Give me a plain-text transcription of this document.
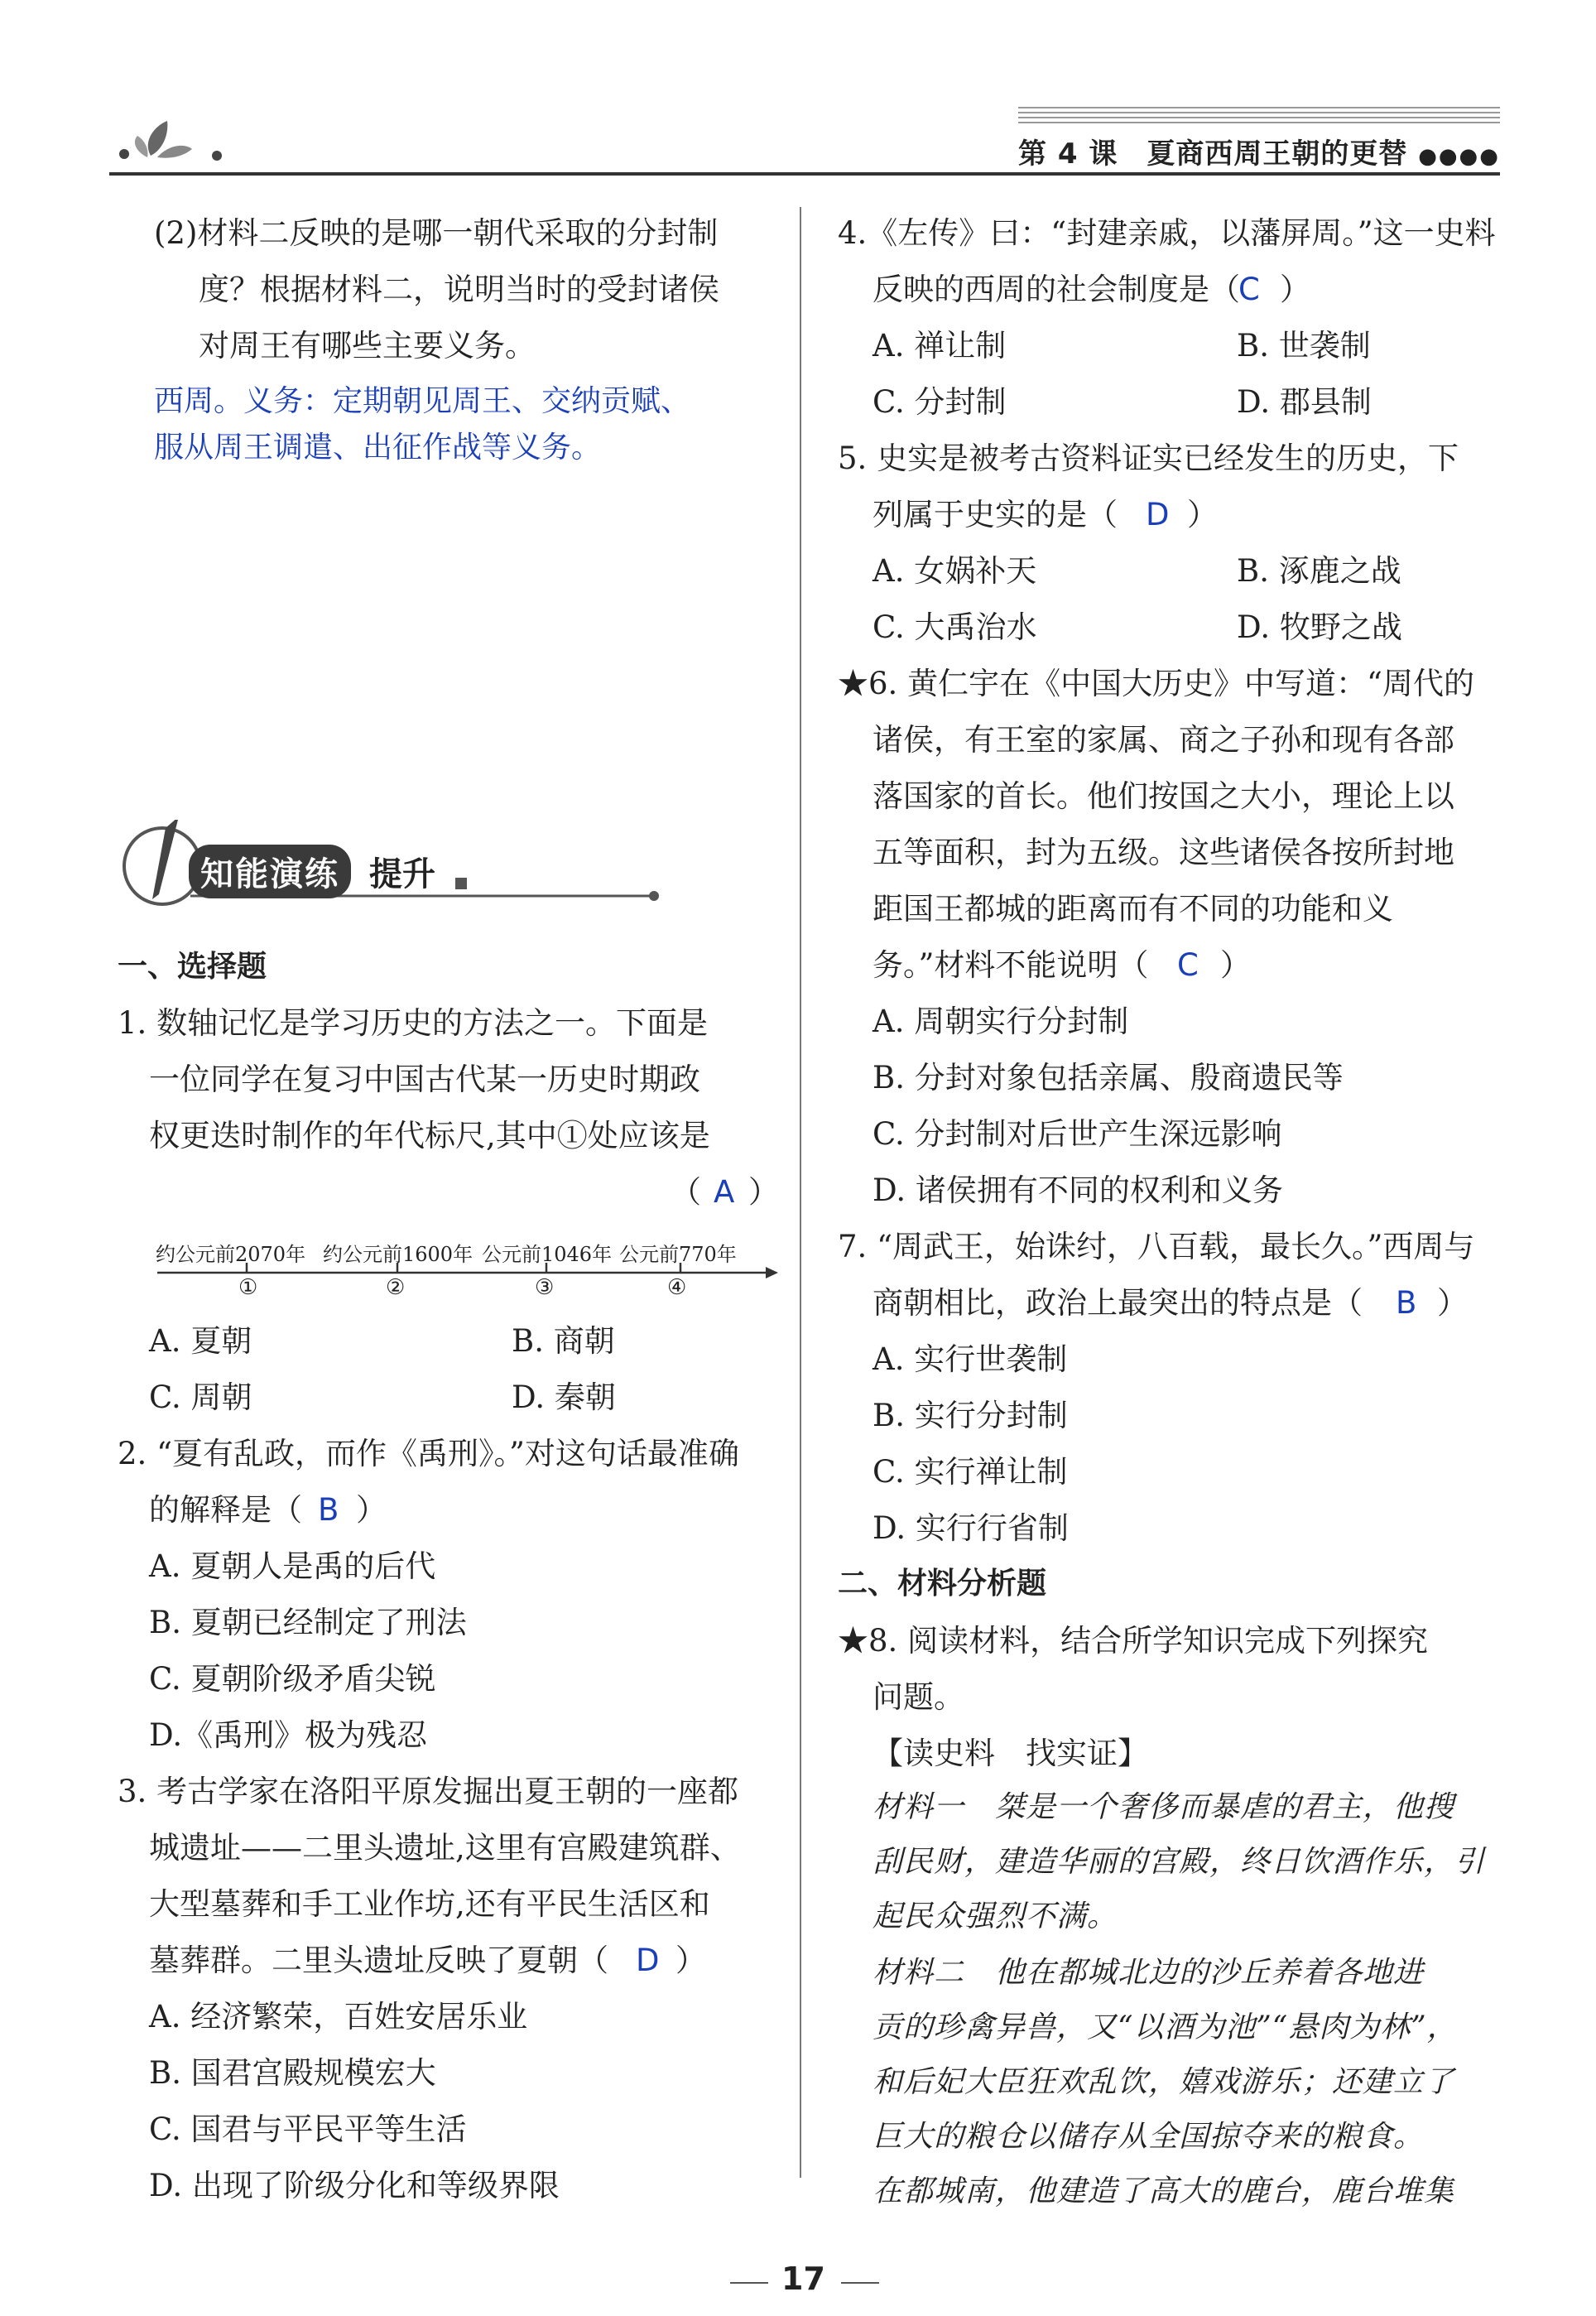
第 4 课　夏商西周王朝的更替 ●●●●
(2)材料二反映的是哪一朝代采取的分封制
度？根据材料二，说明当时的受封诸侯
对周王有哪些主要义务。
西周。义务：定期朝见周王、交纳贡赋、
服从周王调遣、出征作战等义务。
知能演练 提升
一、选择题
1. 数轴记忆是学习历史的方法之一。下面是
一位同学在复习中国古代某一历史时期政
权更迭时制作的年代标尺,其中①处应该是
（ A ）
约公元前2070年 约公元前1600年 公元前1046年 公元前770年
①	②	③	④
A. 夏朝	B. 商朝
C. 周朝	D. 秦朝
2. “夏有乱政，而作《禹刑》。”对这句话最准确
的解释是（ B ）
A. 夏朝人是禹的后代
B. 夏朝已经制定了刑法
C. 夏朝阶级矛盾尖锐
D.《禹刑》极为残忍
3. 考古学家在洛阳平原发掘出夏王朝的一座都
城遗址——二里头遗址,这里有宫殿建筑群、
大型墓葬和手工业作坊,还有平民生活区和
墓葬群。二里头遗址反映了夏朝（ D ）
A. 经济繁荣，百姓安居乐业
B. 国君宫殿规模宏大
C. 国君与平民平等生活
D. 出现了阶级分化和等级界限
4.《左传》曰：“封建亲戚，以藩屏周。”这一史料
反映的西周的社会制度是（
C ）
A. 禅让制	B. 世袭制
C. 分封制	D. 郡县制
5. 史实是被考古资料证实已经发生的历史，下
列属于史实的是（ D ）
A. 女娲补天	B. 涿鹿之战
C. 大禹治水	D. 牧野之战
★6. 黄仁宇在《中国大历史》中写道：“周代的
诸侯，有王室的家属、商之子孙和现有各部
落国家的首长。他们按国之大小，理论上以
五等面积，封为五级。这些诸侯各按所封地
距国王都城的距离而有不同的功能和义
务。”材料不能说明（ C ）
A. 周朝实行分封制
B. 分封对象包括亲属、殷商遗民等
C. 分封制对后世产生深远影响
D. 诸侯拥有不同的权利和义务
7. “周武王，始诛纣，八百载，最长久。”西周与
商朝相比，政治上最突出的特点是（ B ）
A. 实行世袭制
B. 实行分封制
C. 实行禅让制
D. 实行行省制
二、材料分析题
★8. 阅读材料，结合所学知识完成下列探究
问题。
【读史料　找实证】
材料一　桀是一个奢侈而暴虐的君主，他搜
刮民财，建造华丽的宫殿，终日饮酒作乐，引
起民众强烈不满。
材料二　他在都城北边的沙丘养着各地进
贡的珍禽异兽，又“以酒为池”“悬肉为林”，
和后妃大臣狂欢乱饮，嬉戏游乐；还建立了
巨大的粮仓以储存从全国掠夺来的粮食。
在都城南，他建造了高大的鹿台，鹿台堆集
17
